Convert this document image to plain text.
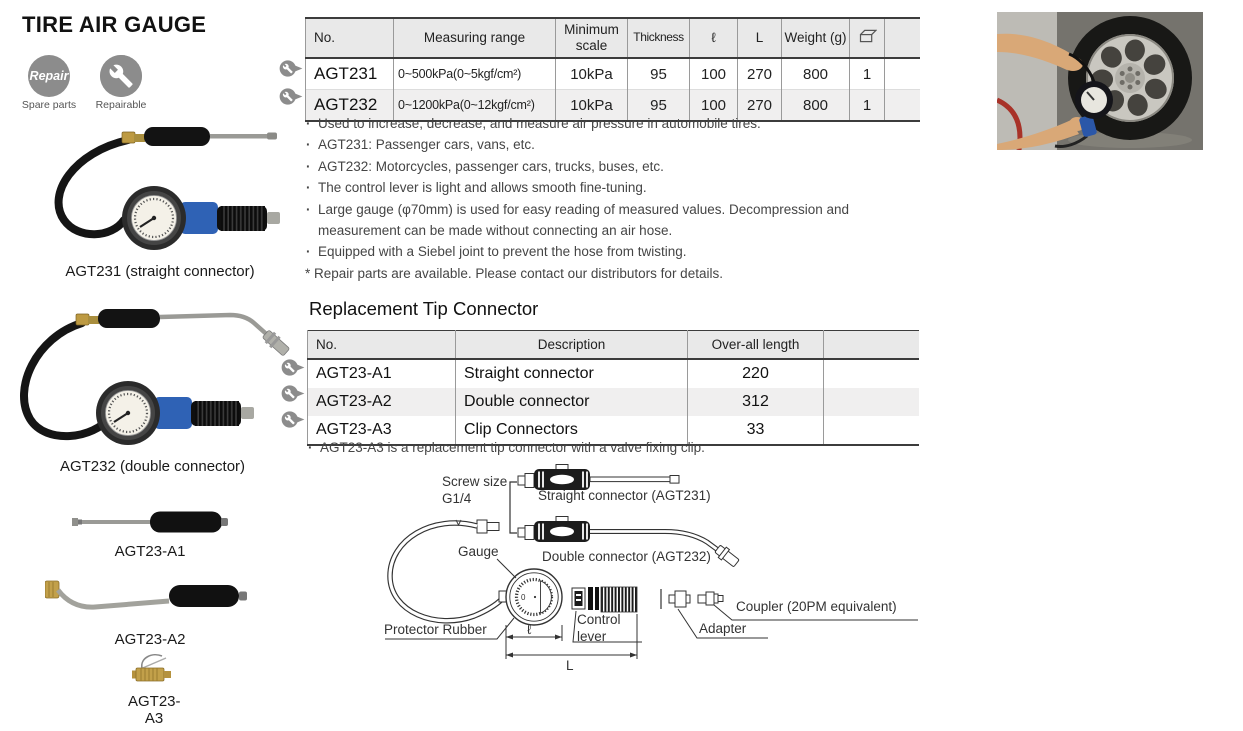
TIRE AIR GAUGE
Repair
Spare parts Repairable
AGT231 (straight connector)
AGT232 (double connector)
AGT23-A1
AGT23-A2
AGT23-A3
No.	Measuring range	Minimum scale	Thickness	ℓ	L	Weight (g)		
AGT231	0~500kPa(0~5kgf/cm²)	10kPa	95	100	270	800	1	
AGT232	0~1200kPa(0~12kgf/cm²)	10kPa	95	100	270	800	1	
· Used to increase, decrease, and measure air pressure in automobile tires.
· AGT231: Passenger cars, vans, etc.
· AGT232: Motorcycles, passenger cars, trucks, buses, etc.
· The control lever is light and allows smooth fine-tuning.
· Large gauge (φ70mm) is used for easy reading of measured values. Decompression and measurement can be made without connecting an air hose.
· Equipped with a Siebel joint to prevent the hose from twisting.
* Repair parts are available. Please contact our distributors for details.
Replacement Tip Connector
No.	Description	Over-all length	
AGT23-A1	Straight connector	220	
AGT23-A2	Double connector	312	
AGT23-A3	Clip Connectors	33	
· AGT23-A3 is a replacement tip connector with a valve fixing clip.
0
Screw size G1/4	Straight connector (AGT231)
Double connector (AGT232)
Gauge
Protector Rubber
Control lever	Adapter
Coupler (20PM equivalent)
ℓ
L
